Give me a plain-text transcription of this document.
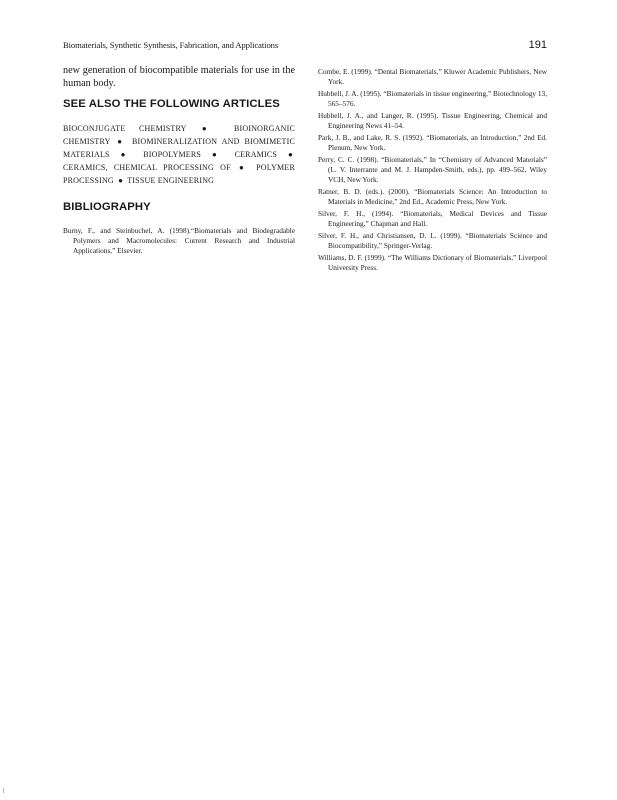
Biomaterials, Synthetic Synthesis, Fabrication, and Applications	191

new generation of biocompatible materials for use in the human body.

SEE ALSO THE FOLLOWING ARTICLES

BIOCONJUGATE CHEMISTRY ● BIOINORGANIC CHEMISTRY ● BIOMINERALIZATION AND BIOMIMETIC MATERIALS ● BIOPOLYMERS ● CERAMICS ● CERAMICS, CHEMICAL PROCESSING OF ● POLYMER PROCESSING ● TISSUE ENGINEERING

BIBLIOGRAPHY
Burny, F., and Steinbuchel, A. (1998).“Biomaterials and Biodegradable Polymers and Macromolecules: Current Research and Industrial Applications,” Elsevier.
Combe, E. (1999). “Dental Biomaterials,” Kluwer Academic Publishers, New York.
Hubbell, J. A. (1995). “Biomaterials in tissue engineering,” Biotechnology 13, 565–576.
Hubbell, J. A., and Langer, R. (1995). Tissue Engineering, Chemical and Engineering News 41–54.
Park, J. B., and Lake, R. S. (1992). “Biomaterials, an Introduction,” 2nd Ed. Plenum, New York.
Perry, C. C. (1998). “Biomaterials,” In “Chemistry of Advanced Materials” (L. V. Interrante and M. J. Hampden-Smith, eds.), pp. 499–562, Wiley VCH, New York.
Ratner, B. D. (eds.). (2000). “Biomaterials Science: An Introduction to Materials in Medicine,” 2nd Ed., Academic Press, New York.
Silver, F. H., (1994). “Biomaterials, Medical Devices and Tissue Engineering,” Chapman and Hall.
Silver, F. H., and Christiansen, D. L. (1999). “Biomaterials Science and Biocompatibility,” Springer-Verlag.
Williams, D. F. (1999). “The Williams Dictionary of Biomaterials,” Liverpool University Press.
